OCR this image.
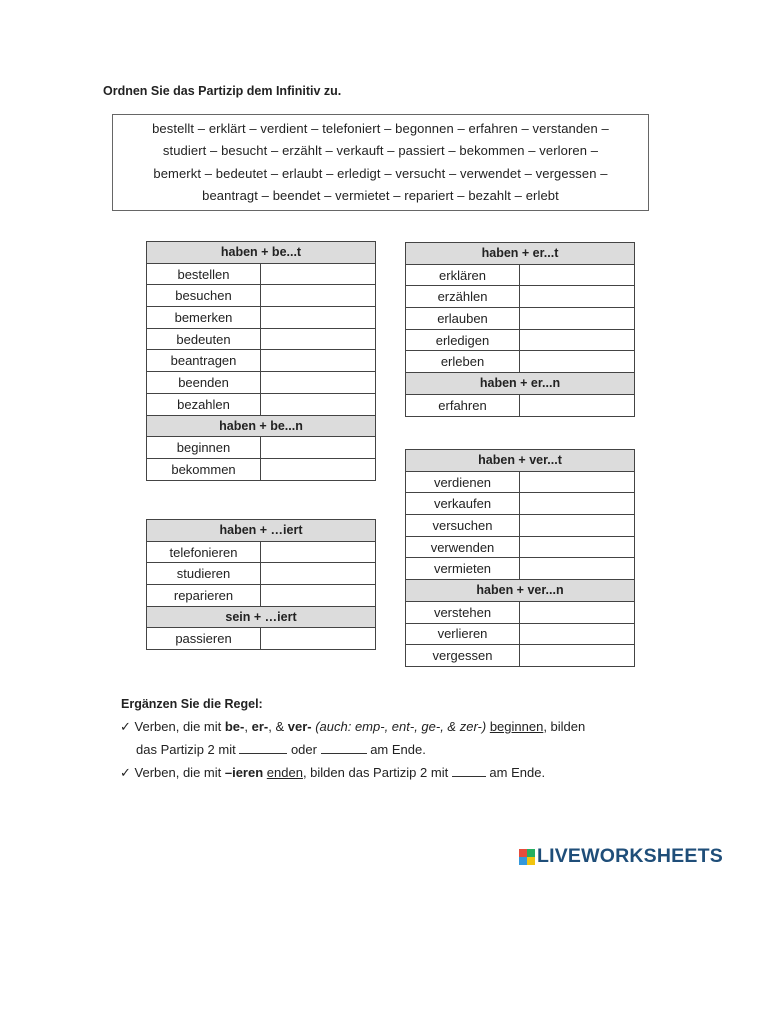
Ordnen Sie das Partizip dem Infinitiv zu.
bestellt – erklärt – verdient – telefoniert – begonnen – erfahren – verstanden –
studiert – besucht – erzählt – verkauft – passiert – bekommen – verloren –
bemerkt – bedeutet – erlaubt – erledigt – versucht – verwendet – vergessen –
beantragt – beendet – vermietet – repariert – bezahlt – erlebt
haben + be...t	
bestellen	
besuchen	
bemerken	
bedeuten	
beantragen	
beenden	
bezahlen	
haben + be...n	
beginnen	
bekommen	
haben + …iert	
telefonieren	
studieren	
reparieren	
sein + …iert	
passieren	
haben + er...t	
erklären	
erzählen	
erlauben	
erledigen	
erleben	
haben + er...n	
erfahren	
haben + ver...t	
verdienen	
verkaufen	
versuchen	
verwenden	
vermieten	
haben + ver...n	
verstehen	
verlieren	
vergessen	
Ergänzen Sie die Regel:
✓ Verben, die mit be-, er-, & ver- (auch: emp-, ent-, ge-, & zer-) beginnen, bilden
das Partizip 2 mit	oder	am Ende.
✓ Verben, die mit –ieren enden, bilden das Partizip 2 mit	am Ende.
LIVEWORKSHEETS
